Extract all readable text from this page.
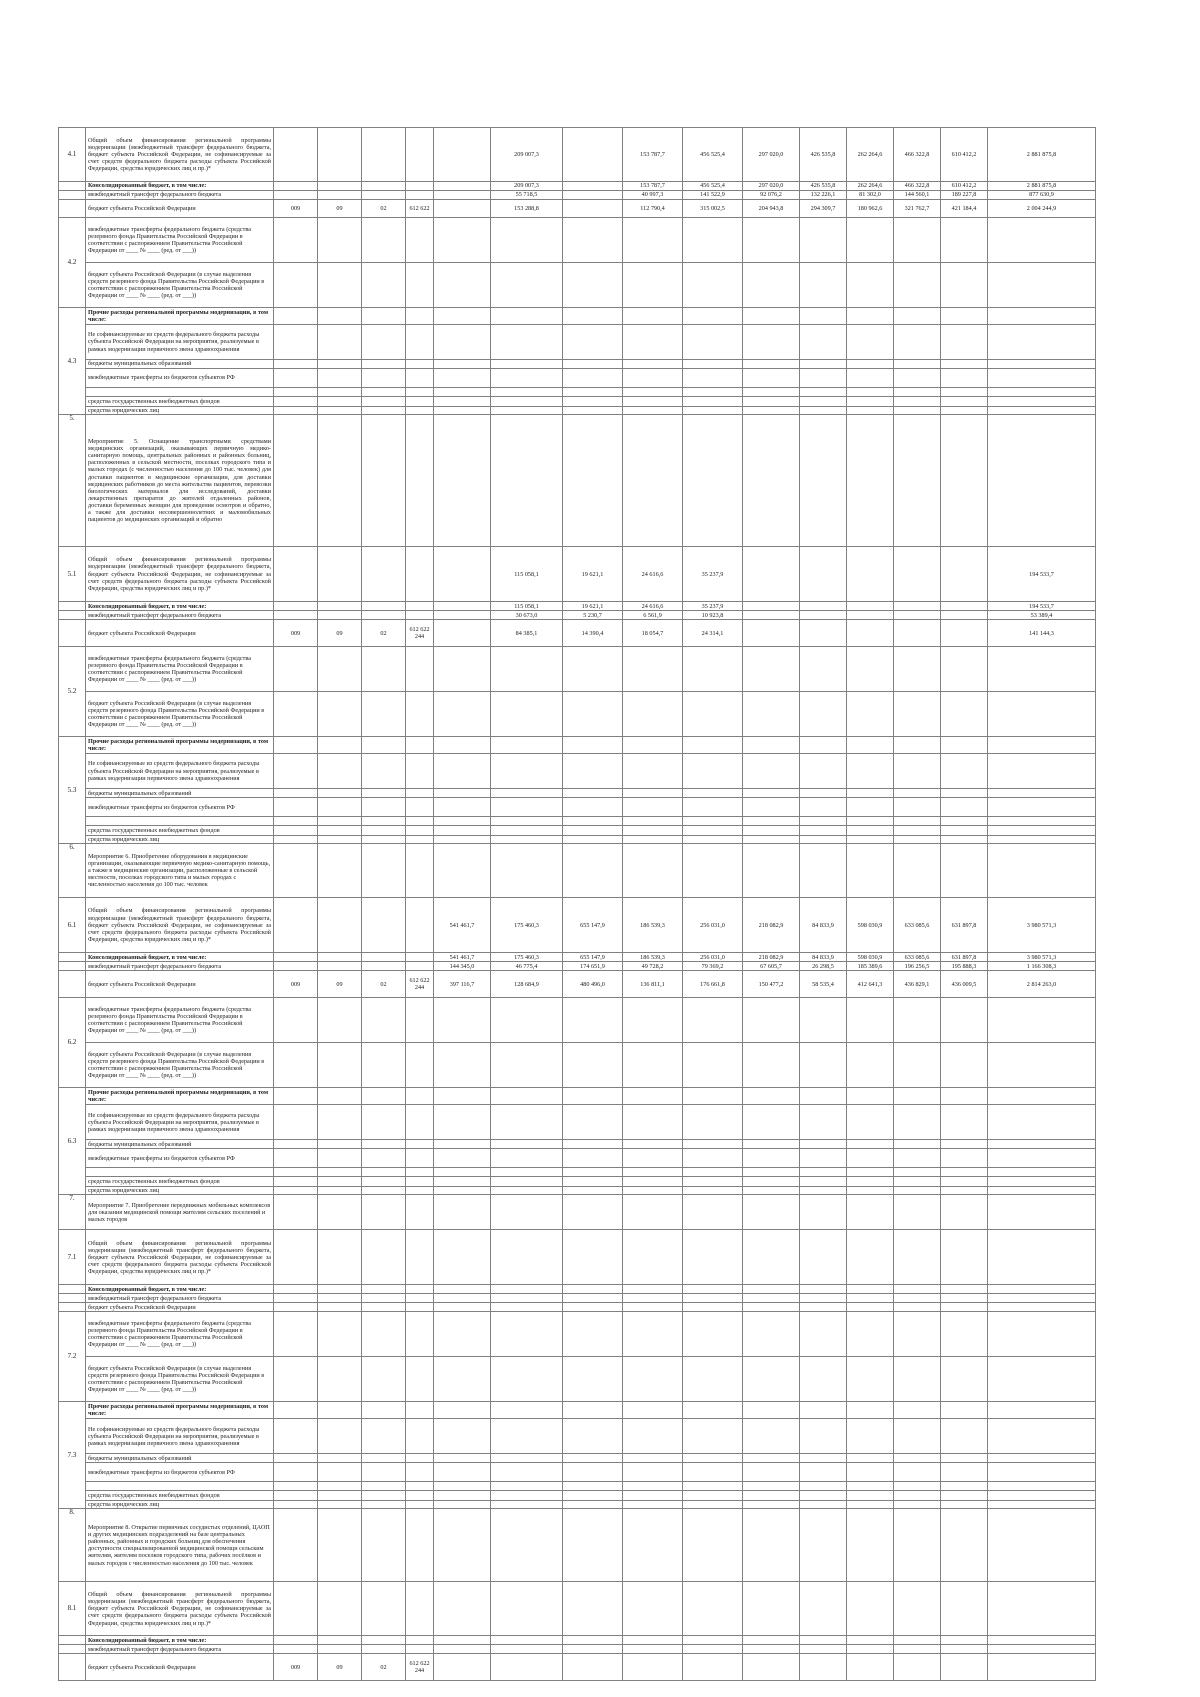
4.1	Общий объем финансирования региональной программы модернизации (межбюджетный трансферт федерального бюджета, бюджет субъекта Российской Федерации, не софинансируемые за счет средств федерального бюджета расходы субъекта Российской Федерации, средства юридических лиц и пр.)*						209 007,3		153 787,7	456 525,4	297 020,0	426 535,8	262 264,6	466 322,8	610 412,2	2 881 875,8
	Консолидированный бюджет, в том числе:						209 007,3		153 787,7	456 525,4	297 020,0	426 535,8	262 264,6	466 322,8	610 412,2	2 881 875,8
	межбюджетный трансферт федерального бюджета						55 718,5		40 997,3	141 522,9	92 076,2	132 226,1	81 302,0	144 560,1	189 227,8	877 630,9
	бюджет субъекта Российской Федерации	009	09	02	612 622		153 288,8		112 790,4	315 002,5	204 943,8	294 309,7	180 962,6	321 762,7	421 184,4	2 004 244,9
4.2	межбюджетные трансферты федерального бюджета (средства резервного фонда Правительства Российской Федерации в соответствии с распоряжением Правительства Российской Федерации от ____ № ____ (ред. от ___))															
	бюджет субъекта Российской Федерации (в случае выделения средств резервного фонда Правительства Российской Федерации в соответствии с распоряжением Правительства Российской Федерации от ____ № ____ (ред. от ___))															
4.3	Прочие расходы региональной программы модернизации, в том числе:															
	Не софинансируемые из средств федерального бюджета расходы субъекта Российской Федерации на мероприятия, реализуемые в рамках модернизации первичного звена здравоохранения															
	бюджеты муниципальных образований															
	межбюджетные трансферты из бюджетов субъектов РФ															

	средства государственных внебюджетных фондов															
	средства юридических лиц															
5.	Мероприятие 5. Оснащение транспортными средствами медицинских организаций, оказывающих первичную медико-санитарную помощь, центральных районных и районных больниц, расположенных в сельской местности, поселках городского типа и малых городах (с численностью населения до 100 тыс. человек) для доставки пациентов в медицинские организации, для доставки медицинских работников до места жительства пациентов, перевозки биологических материалов для исследований, доставки лекарственных препаратов до жителей отдаленных районов, доставки беременных женщин для проведения осмотров и обратно, а также для доставки несовершеннолетних и маломобильных пациентов до медицинских организаций и обратно															
5.1	Общий объем финансирования региональной программы модернизации (межбюджетный трансферт федерального бюджета, бюджет субъекта Российской Федерации, не софинансируемые за счет средств федерального бюджета расходы субъекта Российской Федерации, средства юридических лиц и пр.)*						115 058,1	19 621,1	24 616,6	35 237,9						194 533,7
	Консолидированный бюджет, в том числе:						115 058,1	19 621,1	24 616,6	35 237,9						194 533,7
	межбюджетный трансферт федерального бюджета						30 673,0	5 230,7	6 561,9	10 923,8						53 389,4
	бюджет субъекта Российской Федерации	009	09	02	612 622 244		84 385,1	14 390,4	18 054,7	24 314,1						141 144,3
5.2	межбюджетные трансферты федерального бюджета (средства резервного фонда Правительства Российской Федерации в соответствии с распоряжением Правительства Российской Федерации от ____ № ____ (ред. от ___))															
	бюджет субъекта Российской Федерации (в случае выделения средств резервного фонда Правительства Российской Федерации в соответствии с распоряжением Правительства Российской Федерации от ____ № ____ (ред. от ___))															
5.3	Прочие расходы региональной программы модернизации, в том числе:															
	Не софинансируемые из средств федерального бюджета расходы субъекта Российской Федерации на мероприятия, реализуемые в рамках модернизации первичного звена здравоохранения															
	бюджеты муниципальных образований															
	межбюджетные трансферты из бюджетов субъектов РФ															

	средства государственных внебюджетных фондов															
	средства юридических лиц															
6.	Мероприятие 6. Приобретение оборудования в медицинские организации, оказывающие первичную медико-санитарную помощь, а также в медицинские организации, расположенные в сельской местности, поселках городского типа и малых городах с численностью населения до 100 тыс. человек															
6.1	Общий объем финансирования региональной программы модернизации (межбюджетный трансферт федерального бюджета, бюджет субъекта Российской Федерации, не софинансируемые за счет средств федерального бюджета расходы субъекта Российской Федерации, средства юридических лиц и пр.)*					541 461,7	175 460,3	655 147,9	186 539,3	256 031,0	218 082,9	84 833,9	598 030,9	633 085,6	631 897,8	3 980 571,3
	Консолидированный бюджет, в том числе:					541 461,7	175 460,3	655 147,9	186 539,3	256 031,0	218 082,9	84 833,9	598 030,9	633 085,6	631 897,8	3 980 571,3
	межбюджетный трансферт федерального бюджета					144 345,0	46 775,4	174 651,9	49 728,2	79 369,2	67 605,7	26 298,5	185 389,6	196 256,5	195 888,3	1 166 308,3
	бюджет субъекта Российской Федерации	009	09	02	612 622 244	397 116,7	128 684,9	480 496,0	136 811,1	176 661,8	150 477,2	58 535,4	412 641,3	436 829,1	436 009,5	2 814 263,0
6.2	межбюджетные трансферты федерального бюджета (средства резервного фонда Правительства Российской Федерации в соответствии с распоряжением Правительства Российской Федерации от ____ № ____ (ред. от ___))															
	бюджет субъекта Российской Федерации (в случае выделения средств резервного фонда Правительства Российской Федерации в соответствии с распоряжением Правительства Российской Федерации от ____ № ____ (ред. от ___))															
6.3	Прочие расходы региональной программы модернизации, в том числе:															
	Не софинансируемые из средств федерального бюджета расходы субъекта Российской Федерации на мероприятия, реализуемые в рамках модернизации первичного звена здравоохранения															
	бюджеты муниципальных образований															
	межбюджетные трансферты из бюджетов субъектов РФ															

	средства государственных внебюджетных фондов															
	средства юридических лиц															
7.	Мероприятие 7. Приобретение передвижных мобильных комплексов для оказания медицинской помощи жителям сельских поселений и малых городов															
7.1	Общий объем финансирования региональной программы модернизации (межбюджетный трансферт федерального бюджета, бюджет субъекта Российской Федерации, не софинансируемые за счет средств федерального бюджета расходы субъекта Российской Федерации, средства юридических лиц и пр.)*															
	Консолидированный бюджет, в том числе:															
	межбюджетный трансферт федерального бюджета															
	бюджет субъекта Российской Федерации															
7.2	межбюджетные трансферты федерального бюджета (средства резервного фонда Правительства Российской Федерации в соответствии с распоряжением Правительства Российской Федерации от ____ № ____ (ред. от ___))															
	бюджет субъекта Российской Федерации (в случае выделения средств резервного фонда Правительства Российской Федерации в соответствии с распоряжением Правительства Российской Федерации от ____ № ____ (ред. от ___))															
7.3	Прочие расходы региональной программы модернизации, в том числе:															
	Не софинансируемые из средств федерального бюджета расходы субъекта Российской Федерации на мероприятия, реализуемые в рамках модернизации первичного звена здравоохранения															
	бюджеты муниципальных образований															
	межбюджетные трансферты из бюджетов субъектов РФ															

	средства государственных внебюджетных фондов															
	средства юридических лиц															
8.	Мероприятие 8. Открытие первичных сосудистых отделений, ЦАОП и других медицинских подразделений на базе центральных районных, районных и городских больниц для обеспечения доступности специализированной медицинской помощи сельским жителям, жителям поселков городского типа, рабочих посёлков и малых городов с численностью населения до 100 тыс. человек															
8.1	Общий объем финансирования региональной программы модернизации (межбюджетный трансферт федерального бюджета, бюджет субъекта Российской Федерации, не софинансируемые за счет средств федерального бюджета расходы субъекта Российской Федерации, средства юридических лиц и пр.)*															
	Консолидированный бюджет, в том числе:															
	межбюджетный трансферт федерального бюджета															
	бюджет субъекта Российской Федерации	009	09	02	612 622 244											
